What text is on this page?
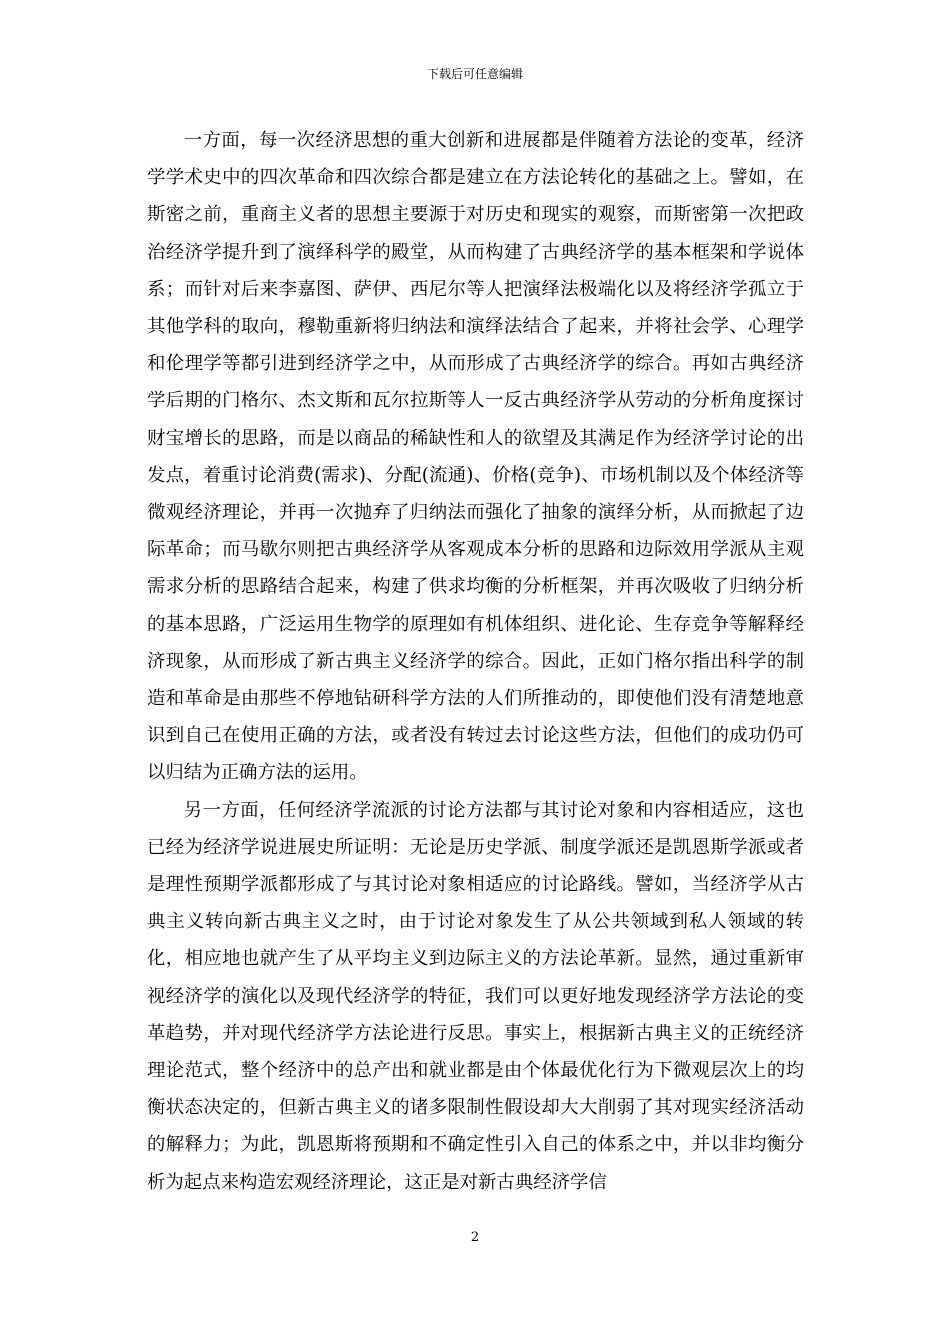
下载后可任意编辑

一方面，每一次经济思想的重大创新和进展都是伴随着方法论的变革，经济学学术史中的四次革命和四次综合都是建立在方法论转化的基础之上。譬如，在斯密之前，重商主义者的思想主要源于对历史和现实的观察，而斯密第一次把政治经济学提升到了演绎科学的殿堂，从而构建了古典经济学的基本框架和学说体系；而针对后来李嘉图、萨伊、西尼尔等人把演绎法极端化以及将经济学孤立于其他学科的取向，穆勒重新将归纳法和演绎法结合了起来，并将社会学、心理学和伦理学等都引进到经济学之中，从而形成了古典经济学的综合。再如古典经济学后期的门格尔、杰文斯和瓦尔拉斯等人一反古典经济学从劳动的分析角度探讨财宝增长的思路，而是以商品的稀缺性和人的欲望及其满足作为经济学讨论的出发点，着重讨论消费(需求)、分配(流通)、价格(竞争)、市场机制以及个体经济等微观经济理论，并再一次抛弃了归纳法而强化了抽象的演绎分析，从而掀起了边际革命；而马歇尔则把古典经济学从客观成本分析的思路和边际效用学派从主观需求分析的思路结合起来，构建了供求均衡的分析框架，并再次吸收了归纳分析的基本思路，广泛运用生物学的原理如有机体组织、进化论、生存竞争等解释经济现象，从而形成了新古典主义经济学的综合。因此，正如门格尔指出科学的制造和革命是由那些不停地钻研科学方法的人们所推动的，即使他们没有清楚地意识到自己在使用正确的方法，或者没有转过去讨论这些方法，但他们的成功仍可以归结为正确方法的运用。

另一方面，任何经济学流派的讨论方法都与其讨论对象和内容相适应，这也已经为经济学说进展史所证明：无论是历史学派、制度学派还是凯恩斯学派或者是理性预期学派都形成了与其讨论对象相适应的讨论路线。譬如，当经济学从古典主义转向新古典主义之时，由于讨论对象发生了从公共领域到私人领域的转化，相应地也就产生了从平均主义到边际主义的方法论革新。显然，通过重新审视经济学的演化以及现代经济学的特征，我们可以更好地发现经济学方法论的变革趋势，并对现代经济学方法论进行反思。事实上，根据新古典主义的正统经济理论范式，整个经济中的总产出和就业都是由个体最优化行为下微观层次上的均衡状态决定的，但新古典主义的诸多限制性假设却大大削弱了其对现实经济活动的解释力；为此，凯恩斯将预期和不确定性引入自己的体系之中，并以非均衡分析为起点来构造宏观经济理论，这正是对新古典经济学信

2
